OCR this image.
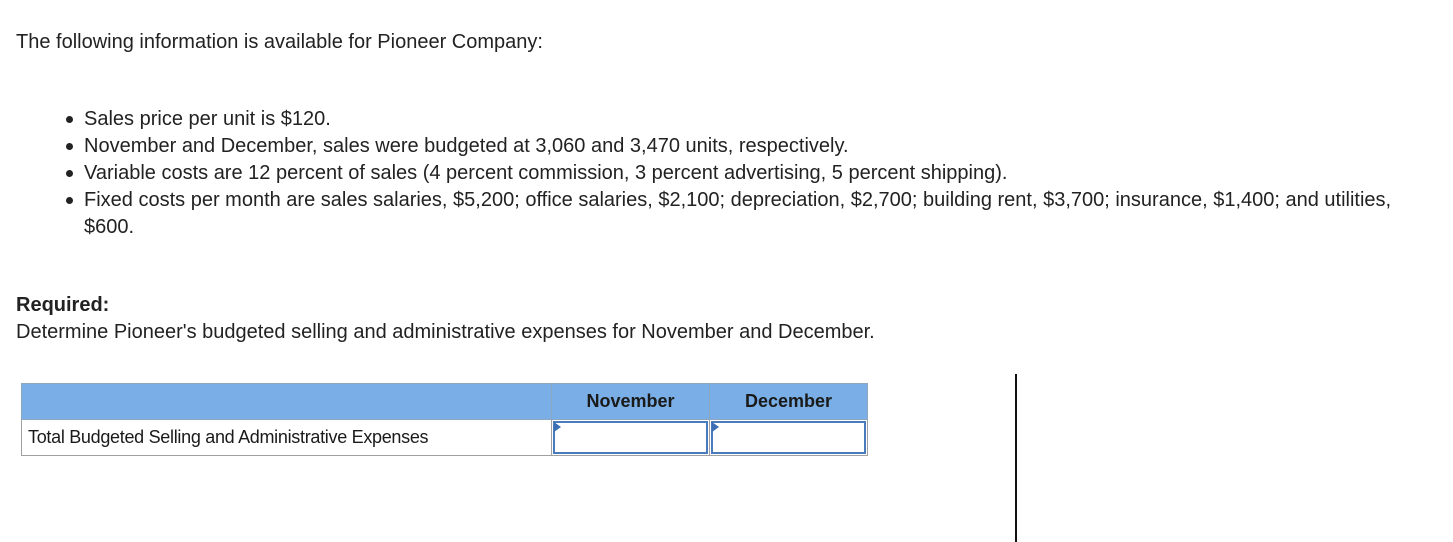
The following information is available for Pioneer Company:

Sales price per unit is $120.
November and December, sales were budgeted at 3,060 and 3,470 units, respectively.
Variable costs are 12 percent of sales (4 percent commission, 3 percent advertising, 5 percent shipping).
Fixed costs per month are sales salaries, $5,200; office salaries, $2,100; depreciation, $2,700; building rent, $3,700; insurance, $1,400; and utilities, $600.

Required:

Determine Pioneer's budgeted selling and administrative expenses for November and December.

	November	December
Total Budgeted Selling and Administrative Expenses	
